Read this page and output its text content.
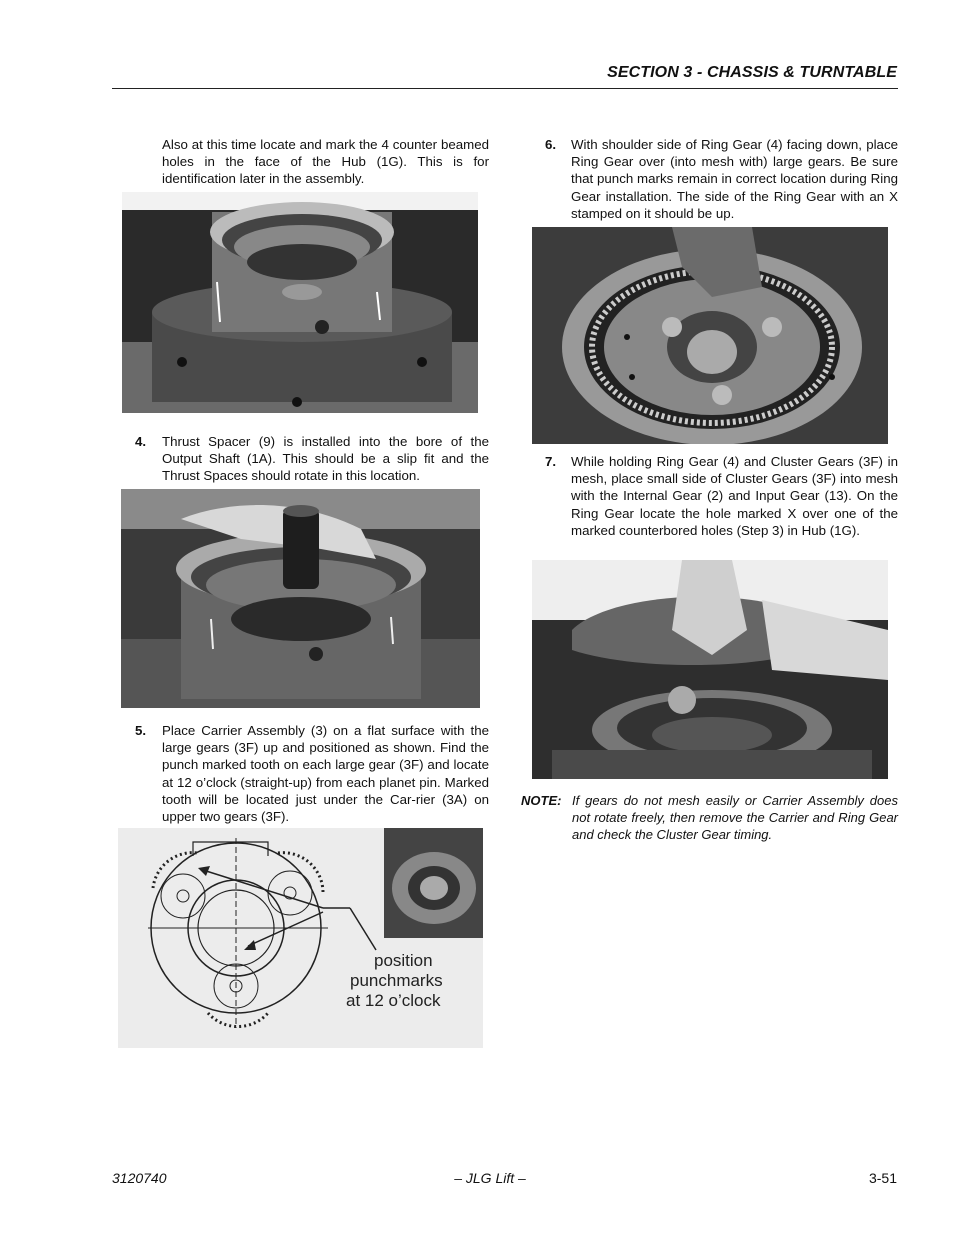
SECTION 3 - CHASSIS & TURNTABLE

Also at this time locate and mark the 4 counter beamed holes in the face of the Hub (1G). This is for identification later in the assembly.

4. Thrust Spacer (9) is installed into the bore of the Output Shaft (1A). This should be a slip fit and the Thrust Spaces should rotate in this location.

5. Place Carrier Assembly (3) on a flat surface with the large gears (3F) up and positioned as shown. Find the punch marked tooth on each large gear (3F) and locate at 12 o’clock (straight-up) from each planet pin. Marked tooth will be located just under the Car-rier (3A) on upper two gears (3F).

position
punchmarks
at 12 o’clock
6. With shoulder side of Ring Gear (4) facing down, place Ring Gear over (into mesh with) large gears. Be sure that punch marks remain in correct location during Ring Gear installation. The side of the Ring Gear with an X stamped on it should be up.

7. While holding Ring Gear (4) and Cluster Gears (3F) in mesh, place small side of Cluster Gears (3F) into mesh with the Internal Gear (2) and Input Gear (13). On the Ring Gear locate the hole marked X over one of the marked counterbored holes (Step 3) in Hub (1G).

NOTE: If gears do not mesh easily or Carrier Assembly does not rotate freely, then remove the Carrier and Ring Gear and check the Cluster Gear timing.

3120740	– JLG Lift –	3-51
